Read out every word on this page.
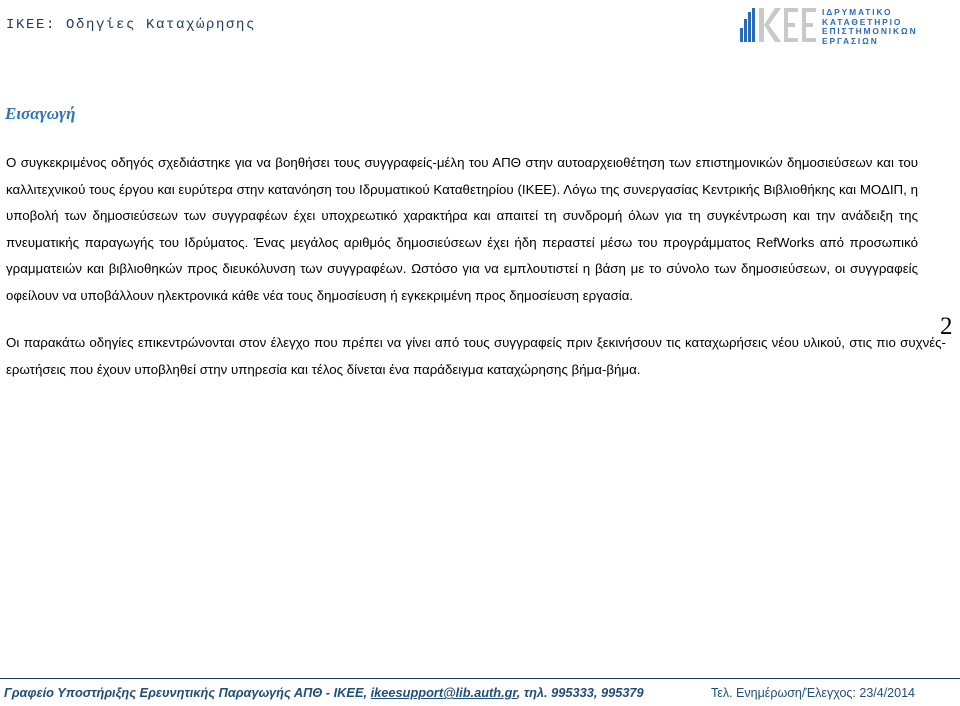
ΙΚΕΕ: Οδηγίες Καταχώρησης
ΙΔΡΥΜΑΤΙΚΟ
ΚΑΤΑΘΕΤΗΡΙΟ
ΕΠΙΣΤΗΜΟΝΙΚΩΝ
ΕΡΓΑΣΙΩΝ
Εισαγωγή

Ο συγκεκριμένος οδηγός σχεδιάστηκε για να βοηθήσει τους συγγραφείς-μέλη του ΑΠΘ στην αυτοαρχειοθέτηση των επιστημονικών δημοσιεύσεων και του καλλιτεχνικού τους έργου και ευρύτερα στην κατανόηση του Ιδρυματικού Καταθετηρίου (ΙΚΕΕ). Λόγω της συνεργασίας Κεντρικής Βιβλιοθήκης και ΜΟΔΙΠ, η υποβολή των δημοσιεύσεων των συγγραφέων έχει υποχρεωτικό χαρακτήρα και απαιτεί τη συνδρομή όλων για τη συγκέντρωση και την ανάδειξη της πνευματικής παραγωγής του Ιδρύματος. Ένας μεγάλος αριθμός δημοσιεύσεων έχει ήδη περαστεί μέσω του προγράμματος RefWorks από προσωπικό γραμματειών και βιβλιοθηκών προς διευκόλυνση των συγγραφέων. Ωστόσο για να εμπλουτιστεί η βάση με το σύνολο των δημοσιεύσεων, οι συγγραφείς οφείλουν να υποβάλλουν ηλεκτρονικά κάθε νέα τους δημοσίευση ή εγκεκριμένη προς δημοσίευση εργασία.

Οι παρακάτω οδηγίες επικεντρώνονται στον έλεγχο που πρέπει να γίνει από τους συγγραφείς πριν ξεκινήσουν τις καταχωρήσεις νέου υλικού, στις πιο συχνές-ερωτήσεις που έχουν υποβληθεί στην υπηρεσία και τέλος δίνεται ένα παράδειγμα καταχώρησης βήμα-βήμα.

2
Γραφείο Υποστήριξης Ερευνητικής Παραγωγής ΑΠΘ - ΙΚΕΕ, ikeesupport@lib.auth.gr, τηλ. 995333, 995379	Τελ. Ενημέρωση/Έλεγχος: 23/4/2014
